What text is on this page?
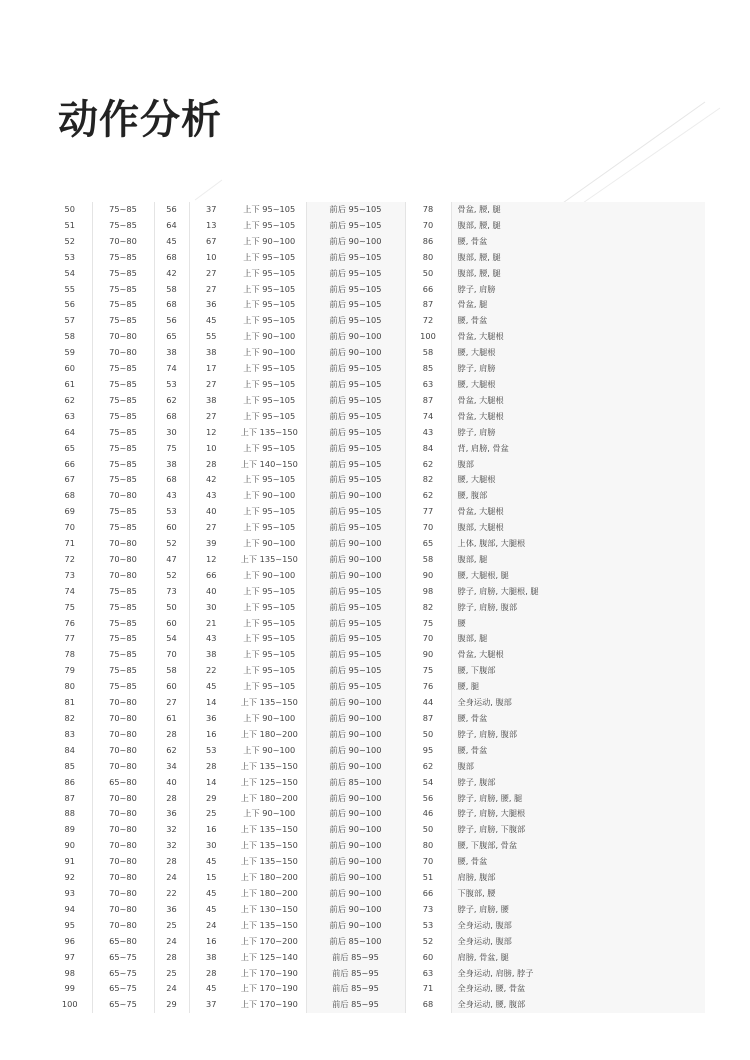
动作分析
50	75~85	56	37	上下 95~105	前后 95~105	78	骨盆, 腰, 腿
51	75~85	64	13	上下 95~105	前后 95~105	70	腹部, 腰, 腿
52	70~80	45	67	上下 90~100	前后 90~100	86	腰, 骨盆
53	75~85	68	10	上下 95~105	前后 95~105	80	腹部, 腰, 腿
54	75~85	42	27	上下 95~105	前后 95~105	50	腹部, 腰, 腿
55	75~85	58	27	上下 95~105	前后 95~105	66	脖子, 肩膀
56	75~85	68	36	上下 95~105	前后 95~105	87	骨盆, 腿
57	75~85	56	45	上下 95~105	前后 95~105	72	腰, 骨盆
58	70~80	65	55	上下 90~100	前后 90~100	100	骨盆, 大腿根
59	70~80	38	38	上下 90~100	前后 90~100	58	腰, 大腿根
60	75~85	74	17	上下 95~105	前后 95~105	85	脖子, 肩膀
61	75~85	53	27	上下 95~105	前后 95~105	63	腰, 大腿根
62	75~85	62	38	上下 95~105	前后 95~105	87	骨盆, 大腿根
63	75~85	68	27	上下 95~105	前后 95~105	74	骨盆, 大腿根
64	75~85	30	12	上下 135~150	前后 95~105	43	脖子, 肩膀
65	75~85	75	10	上下 95~105	前后 95~105	84	背, 肩膀, 骨盆
66	75~85	38	28	上下 140~150	前后 95~105	62	腹部
67	75~85	68	42	上下 95~105	前后 95~105	82	腰, 大腿根
68	70~80	43	43	上下 90~100	前后 90~100	62	腰, 腹部
69	75~85	53	40	上下 95~105	前后 95~105	77	骨盆, 大腿根
70	75~85	60	27	上下 95~105	前后 95~105	70	腹部, 大腿根
71	70~80	52	39	上下 90~100	前后 90~100	65	上体, 腹部, 大腿根
72	70~80	47	12	上下 135~150	前后 90~100	58	腹部, 腿
73	70~80	52	66	上下 90~100	前后 90~100	90	腰, 大腿根, 腿
74	75~85	73	40	上下 95~105	前后 95~105	98	脖子, 肩膀, 大腿根, 腿
75	75~85	50	30	上下 95~105	前后 95~105	82	脖子, 肩膀, 腹部
76	75~85	60	21	上下 95~105	前后 95~105	75	腰
77	75~85	54	43	上下 95~105	前后 95~105	70	腹部, 腿
78	75~85	70	38	上下 95~105	前后 95~105	90	骨盆, 大腿根
79	75~85	58	22	上下 95~105	前后 95~105	75	腰, 下腹部
80	75~85	60	45	上下 95~105	前后 95~105	76	腰, 腿
81	70~80	27	14	上下 135~150	前后 90~100	44	全身运动, 腹部
82	70~80	61	36	上下 90~100	前后 90~100	87	腰, 骨盆
83	70~80	28	16	上下 180~200	前后 90~100	50	脖子, 肩膀, 腹部
84	70~80	62	53	上下 90~100	前后 90~100	95	腰, 骨盆
85	70~80	34	28	上下 135~150	前后 90~100	62	腹部
86	65~80	40	14	上下 125~150	前后 85~100	54	脖子, 腹部
87	70~80	28	29	上下 180~200	前后 90~100	56	脖子, 肩膀, 腰, 腿
88	70~80	36	25	上下 90~100	前后 90~100	46	脖子, 肩膀, 大腿根
89	70~80	32	16	上下 135~150	前后 90~100	50	脖子, 肩膀, 下腹部
90	70~80	32	30	上下 135~150	前后 90~100	80	腰, 下腹部, 骨盆
91	70~80	28	45	上下 135~150	前后 90~100	70	腰, 骨盆
92	70~80	24	15	上下 180~200	前后 90~100	51	肩膀, 腹部
93	70~80	22	45	上下 180~200	前后 90~100	66	下腹部, 腰
94	70~80	36	45	上下 130~150	前后 90~100	73	脖子, 肩膀, 腰
95	70~80	25	24	上下 135~150	前后 90~100	53	全身运动, 腹部
96	65~80	24	16	上下 170~200	前后 85~100	52	全身运动, 腹部
97	65~75	28	38	上下 125~140	前后 85~95	60	肩膀, 骨盆, 腿
98	65~75	25	28	上下 170~190	前后 85~95	63	全身运动, 肩膀, 脖子
99	65~75	24	45	上下 170~190	前后 85~95	71	全身运动, 腰, 骨盆
100	65~75	29	37	上下 170~190	前后 85~95	68	全身运动, 腰, 腹部
